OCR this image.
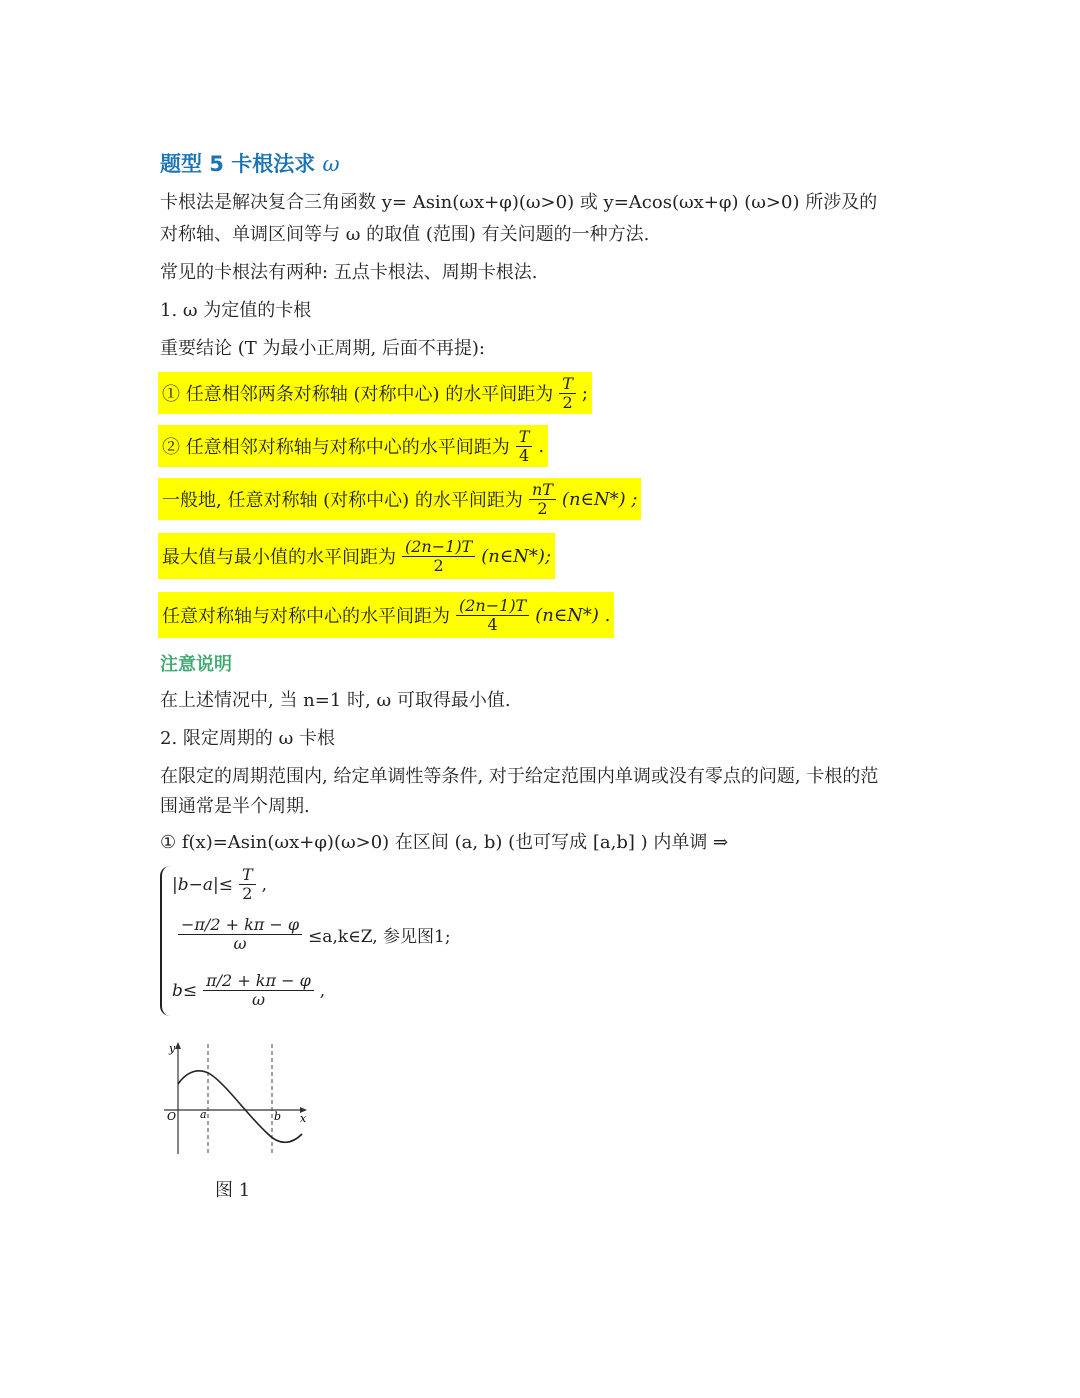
题型 5 卡根法求 ω
卡根法是解决复合三角函数 y= Asin(ωx+φ)(ω>0) 或 y=Acos(ωx+φ) (ω>0) 所涉及的
对称轴、单调区间等与 ω 的取值 (范围) 有关问题的一种方法.
常见的卡根法有两种: 五点卡根法、周期卡根法.
1. ω 为定值的卡根
重要结论 (T 为最小正周期, 后面不再提):
① 任意相邻两条对称轴 (对称中心) 的水平间距为 $\frac{T}{2}$ ;
② 任意相邻对称轴与对称中心的水平间距为 $\frac{T}{4}$ .
一般地, 任意对称轴 (对称中心) 的水平间距为 $\frac{nT}{2}$ (n∈N*) ;
最大值与最小值的水平间距为 $\frac{(2n-1)T}{2}$ (n∈N*);
任意对称轴与对称中心的水平间距为 $\frac{(2n-1)T}{4}$ (n∈N*) .
注意说明
在上述情况中, 当 n=1 时, ω 可取得最小值.
2. 限定周期的 ω 卡根
在限定的周期范围内, 给定单调性等条件, 对于给定范围内单调或没有零点的问题, 卡根的范
围通常是半个周期.
① f(x)=Asin(ωx+φ)(ω>0) 在区间 (a, b) (也可写成 [a,b] ) 内单调 ⇒
$|b-a|\le \frac{T}{2}$ ,
$\frac{-\pi/2 + k\pi - \varphi}{\omega}$ ≤a,k∈Z, 参见图1;
$b\le \frac{\pi/2 + k\pi - \varphi}{\omega}$ ,
y
x
O a	b
图 1
